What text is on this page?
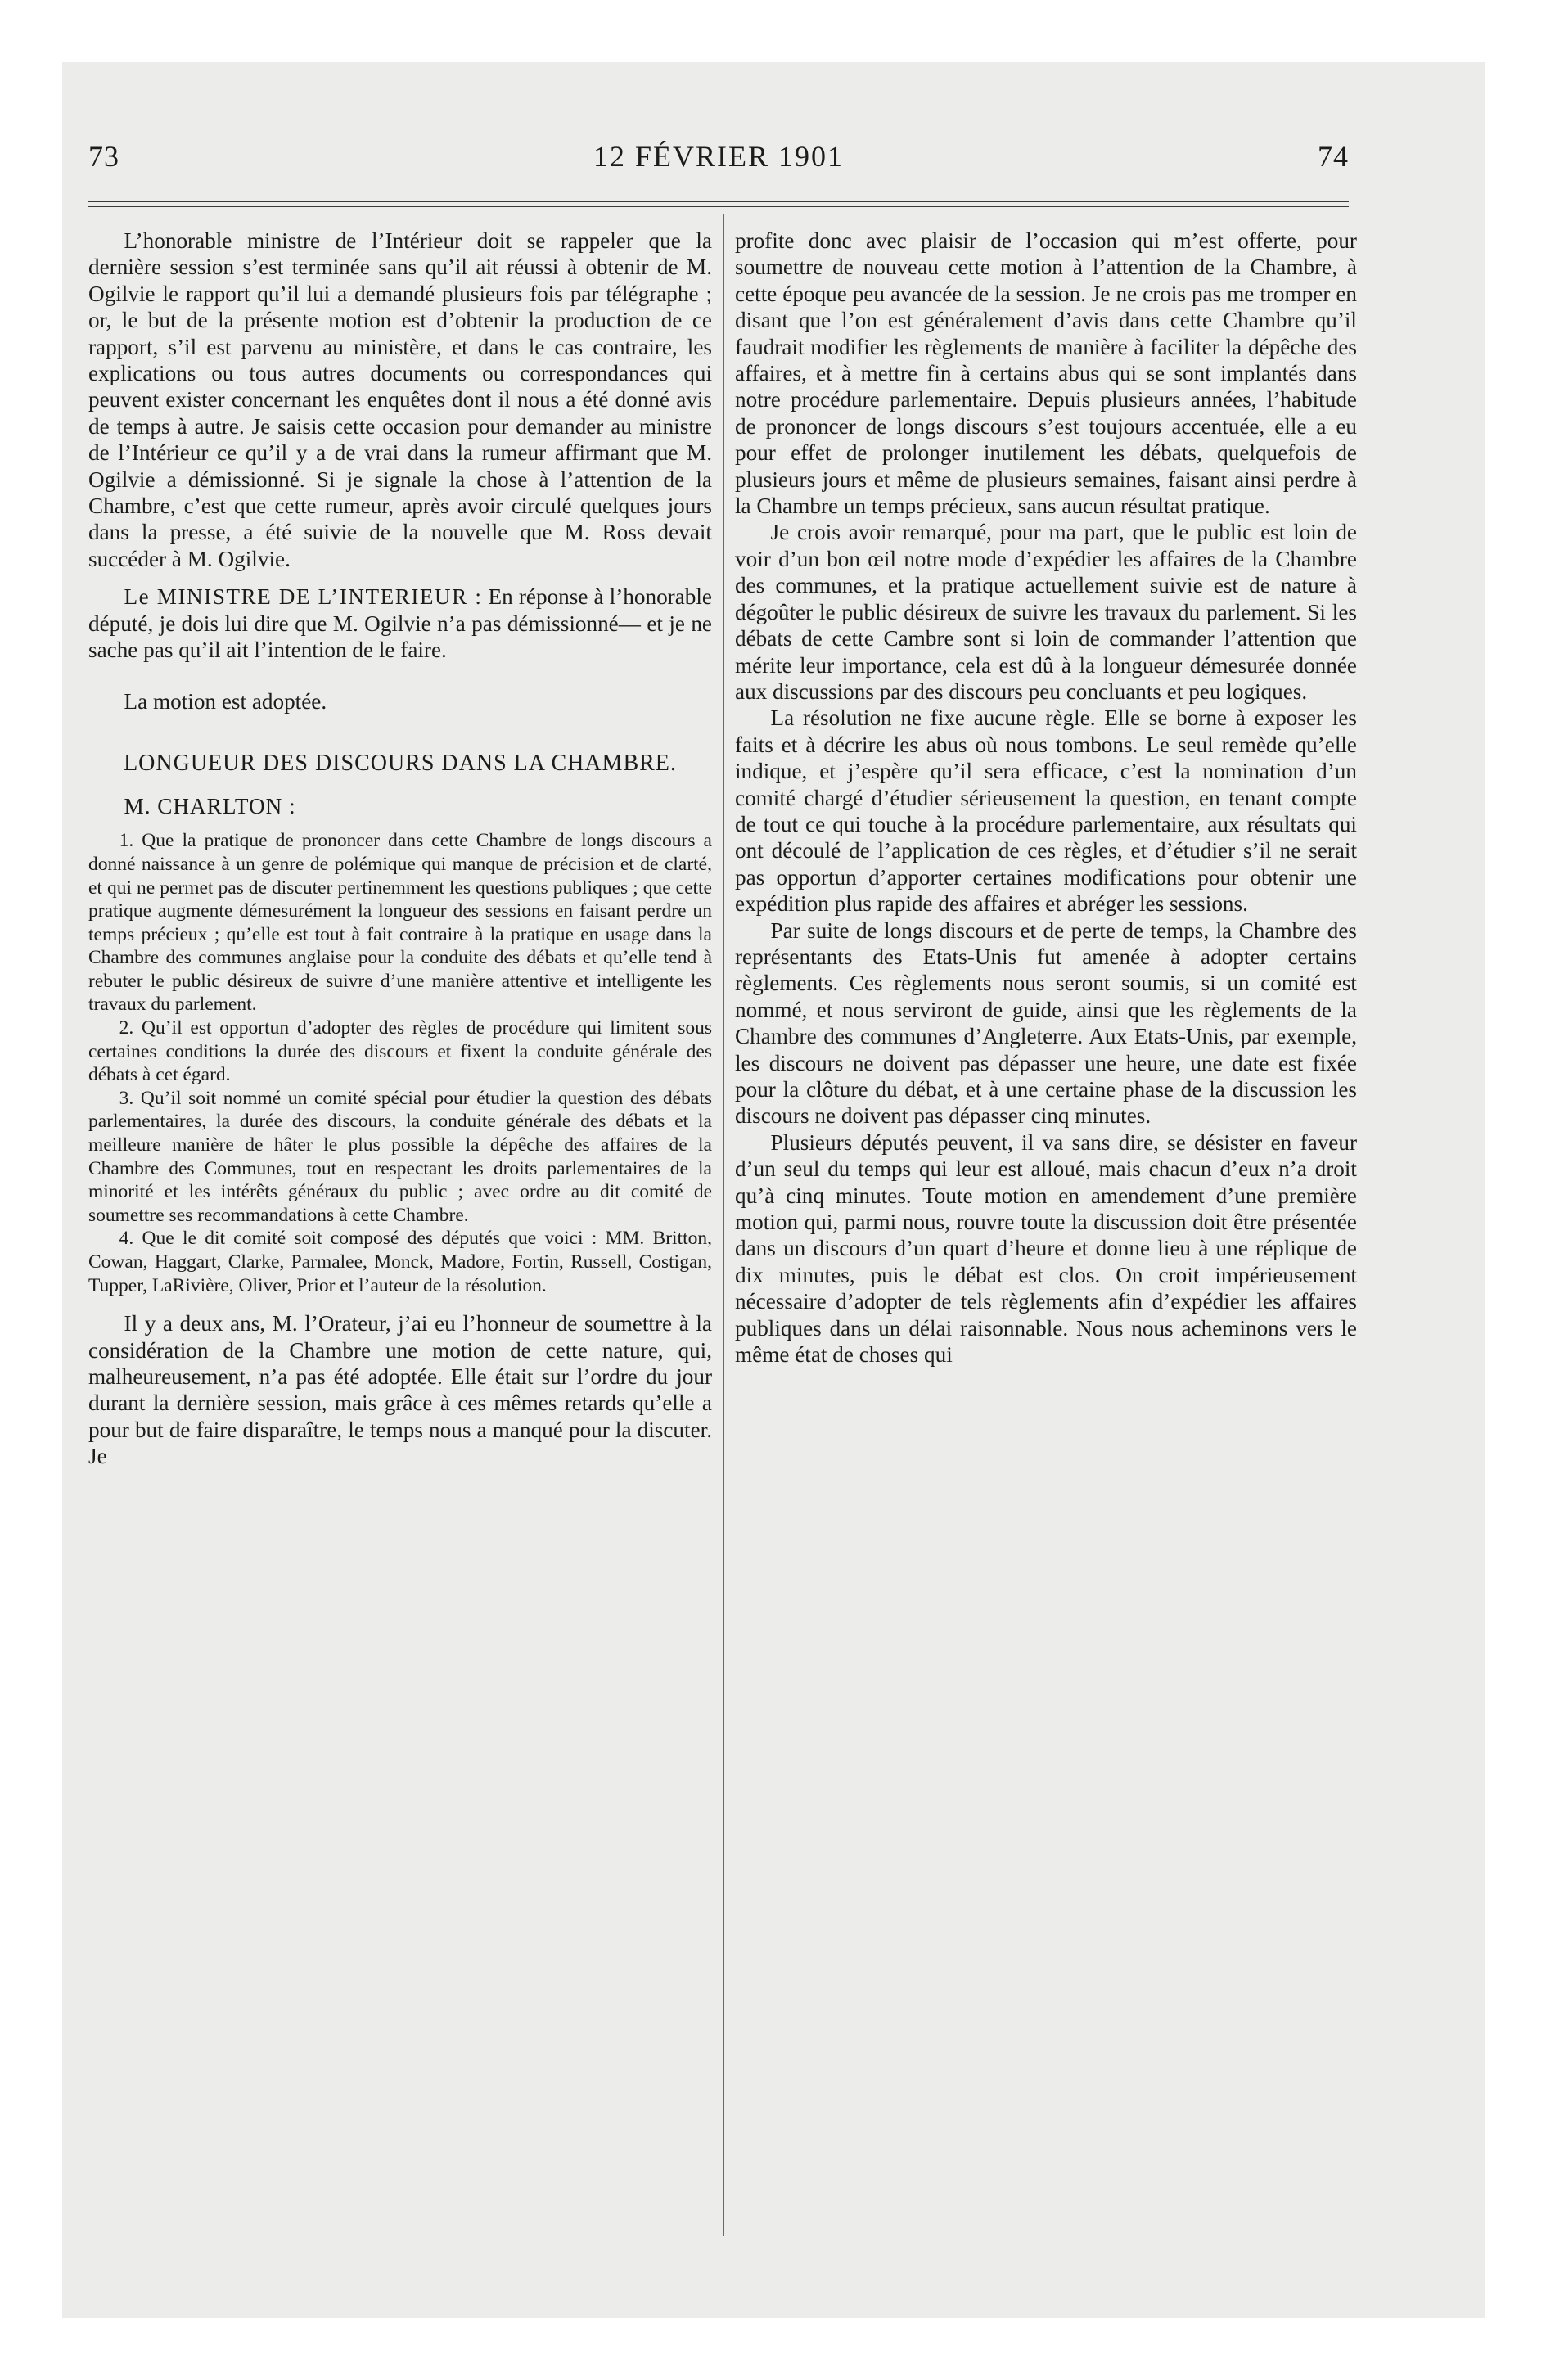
73	12 FÉVRIER 1901	74

L’honorable ministre de l’Intérieur doit se rappeler que la dernière session s’est terminée sans qu’il ait réussi à obtenir de M. Ogilvie le rapport qu’il lui a demandé plusieurs fois par télégraphe ; or, le but de la présente motion est d’obtenir la production de ce rapport, s’il est parvenu au ministère, et dans le cas contraire, les explications ou tous autres documents ou correspondances qui peuvent exister concernant les enquêtes dont il nous a été donné avis de temps à autre. Je saisis cette occasion pour demander au ministre de l’Intérieur ce qu’il y a de vrai dans la rumeur affirmant que M. Ogilvie a démissionné. Si je signale la chose à l’attention de la Chambre, c’est que cette rumeur, après avoir circulé quelques jours dans la presse, a été suivie de la nouvelle que M. Ross devait succéder à M. Ogilvie.

Le MINISTRE DE L’INTERIEUR : En réponse à l’honorable député, je dois lui dire que M. Ogilvie n’a pas démissionné— et je ne sache pas qu’il ait l’intention de le faire.

La motion est adoptée.

LONGUEUR DES DISCOURS DANS LA CHAMBRE.

M. CHARLTON :

1. Que la pratique de prononcer dans cette Chambre de longs discours a donné naissance à un genre de polémique qui manque de précision et de clarté, et qui ne permet pas de discuter pertinemment les questions publiques ; que cette pratique augmente démesurément la longueur des sessions en faisant perdre un temps précieux ; qu’elle est tout à fait contraire à la pratique en usage dans la Chambre des communes anglaise pour la conduite des débats et qu’elle tend à rebuter le public désireux de suivre d’une manière attentive et intelligente les travaux du parlement.

2. Qu’il est opportun d’adopter des règles de procédure qui limitent sous certaines conditions la durée des discours et fixent la conduite générale des débats à cet égard.

3. Qu’il soit nommé un comité spécial pour étudier la question des débats parlementaires, la durée des discours, la conduite générale des débats et la meilleure manière de hâter le plus possible la dépêche des affaires de la Chambre des Communes, tout en respectant les droits parlementaires de la minorité et les intérêts généraux du public ; avec ordre au dit comité de soumettre ses recommandations à cette Chambre.

4. Que le dit comité soit composé des députés que voici : MM. Britton, Cowan, Haggart, Clarke, Parmalee, Monck, Madore, Fortin, Russell, Costigan, Tupper, LaRivière, Oliver, Prior et l’auteur de la résolution.

Il y a deux ans, M. l’Orateur, j’ai eu l’honneur de soumettre à la considération de la Chambre une motion de cette nature, qui, malheureusement, n’a pas été adoptée. Elle était sur l’ordre du jour durant la dernière session, mais grâce à ces mêmes retards qu’elle a pour but de faire disparaître, le temps nous a manqué pour la discuter. Je

profite donc avec plaisir de l’occasion qui m’est offerte, pour soumettre de nouveau cette motion à l’attention de la Chambre, à cette époque peu avancée de la session. Je ne crois pas me tromper en disant que l’on est généralement d’avis dans cette Chambre qu’il faudrait modifier les règlements de manière à faciliter la dépêche des affaires, et à mettre fin à certains abus qui se sont implantés dans notre procédure parlementaire. Depuis plusieurs années, l’habitude de prononcer de longs discours s’est toujours accentuée, elle a eu pour effet de prolonger inutilement les débats, quelquefois de plusieurs jours et même de plusieurs semaines, faisant ainsi perdre à la Chambre un temps précieux, sans aucun résultat pratique.

Je crois avoir remarqué, pour ma part, que le public est loin de voir d’un bon œil notre mode d’expédier les affaires de la Chambre des communes, et la pratique actuellement suivie est de nature à dégoûter le public désireux de suivre les travaux du parlement. Si les débats de cette Cambre sont si loin de commander l’attention que mérite leur importance, cela est dû à la longueur démesurée donnée aux discussions par des discours peu concluants et peu logiques.

La résolution ne fixe aucune règle. Elle se borne à exposer les faits et à décrire les abus où nous tombons. Le seul remède qu’elle indique, et j’espère qu’il sera efficace, c’est la nomination d’un comité chargé d’étudier sérieusement la question, en tenant compte de tout ce qui touche à la procédure parlementaire, aux résultats qui ont découlé de l’application de ces règles, et d’étudier s’il ne serait pas opportun d’apporter certaines modifications pour obtenir une expédition plus rapide des affaires et abréger les sessions.

Par suite de longs discours et de perte de temps, la Chambre des représentants des Etats-Unis fut amenée à adopter certains règlements. Ces règlements nous seront soumis, si un comité est nommé, et nous serviront de guide, ainsi que les règlements de la Chambre des communes d’Angleterre. Aux Etats-Unis, par exemple, les discours ne doivent pas dépasser une heure, une date est fixée pour la clôture du débat, et à une certaine phase de la discussion les discours ne doivent pas dépasser cinq minutes.

Plusieurs députés peuvent, il va sans dire, se désister en faveur d’un seul du temps qui leur est alloué, mais chacun d’eux n’a droit qu’à cinq minutes. Toute motion en amendement d’une première motion qui, parmi nous, rouvre toute la discussion doit être présentée dans un discours d’un quart d’heure et donne lieu à une réplique de dix minutes, puis le débat est clos. On croit impérieusement nécessaire d’adopter de tels règlements afin d’expédier les affaires publiques dans un délai raisonnable. Nous nous acheminons vers le même état de choses qui
